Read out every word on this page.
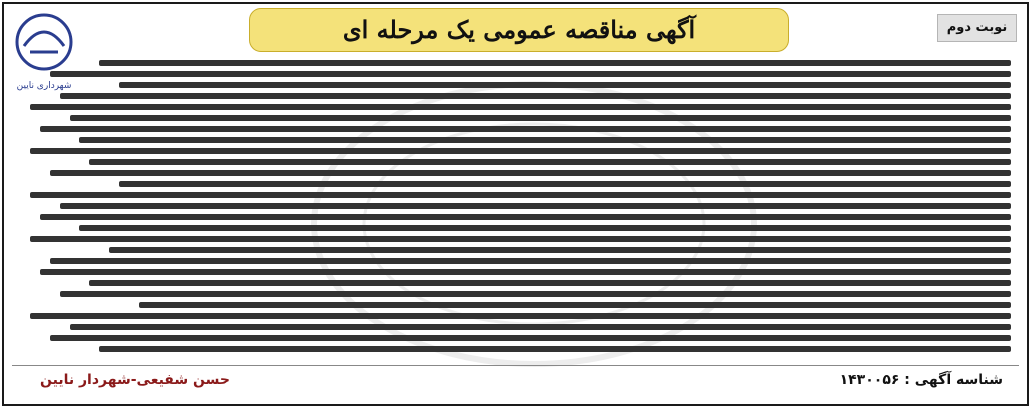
نوبت دوم
آگهی مناقصه عمومی یک مرحله ای
شهرداری نایین
شناسه آگهی : ۱۴۳۰۰۵۶
حسن شفیعی-شهردار نایین
